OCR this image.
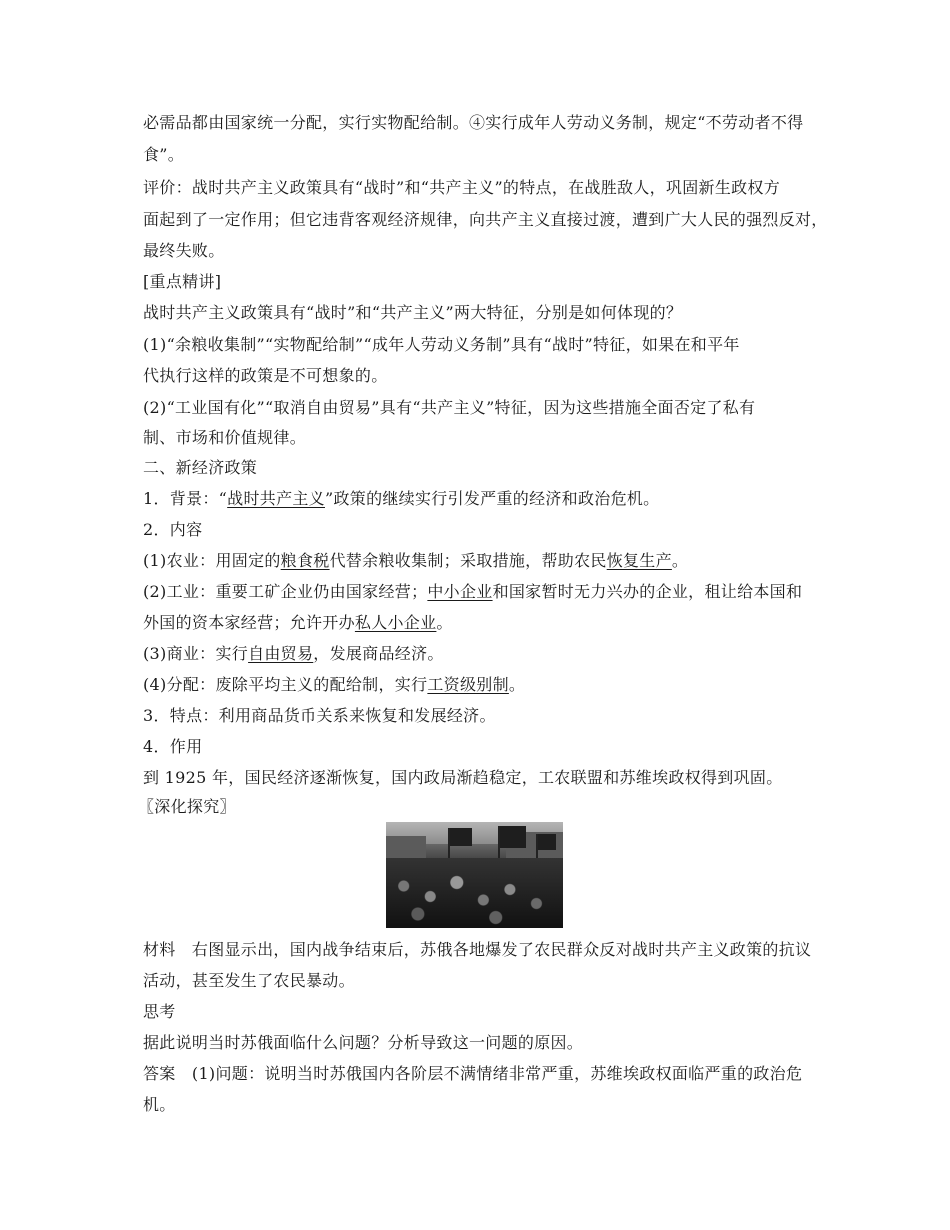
必需品都由国家统一分配，实行实物配给制。④实行成年人劳动义务制，规定“不劳动者不得
食”。
评价：战时共产主义政策具有“战时”和“共产主义”的特点，在战胜敌人，巩固新生政权方
面起到了一定作用；但它违背客观经济规律，向共产主义直接过渡，遭到广大人民的强烈反对，
最终失败。
[重点精讲]
战时共产主义政策具有“战时”和“共产主义”两大特征，分别是如何体现的？
(1)“余粮收集制”“实物配给制”“成年人劳动义务制”具有“战时”特征，如果在和平年
代执行这样的政策是不可想象的。
(2)“工业国有化”“取消自由贸易”具有“共产主义”特征，因为这些措施全面否定了私有
制、市场和价值规律。
二、新经济政策
1．背景：“战时共产主义”政策的继续实行引发严重的经济和政治危机。
2．内容
(1)农业：用固定的粮食税代替余粮收集制；采取措施，帮助农民恢复生产。
(2)工业：重要工矿企业仍由国家经营；中小企业和国家暂时无力兴办的企业，租让给本国和
外国的资本家经营；允许开办私人小企业。
(3)商业：实行自由贸易，发展商品经济。
(4)分配：废除平均主义的配给制，实行工资级别制。
3．特点：利用商品货币关系来恢复和发展经济。
4．作用
到 1925 年，国民经济逐渐恢复，国内政局渐趋稳定，工农联盟和苏维埃政权得到巩固。
〖深化探究〗
材料　右图显示出，国内战争结束后，苏俄各地爆发了农民群众反对战时共产主义政策的抗议
活动，甚至发生了农民暴动。
思考
据此说明当时苏俄面临什么问题？分析导致这一问题的原因。
答案　(1)问题：说明当时苏俄国内各阶层不满情绪非常严重，苏维埃政权面临严重的政治危
机。
